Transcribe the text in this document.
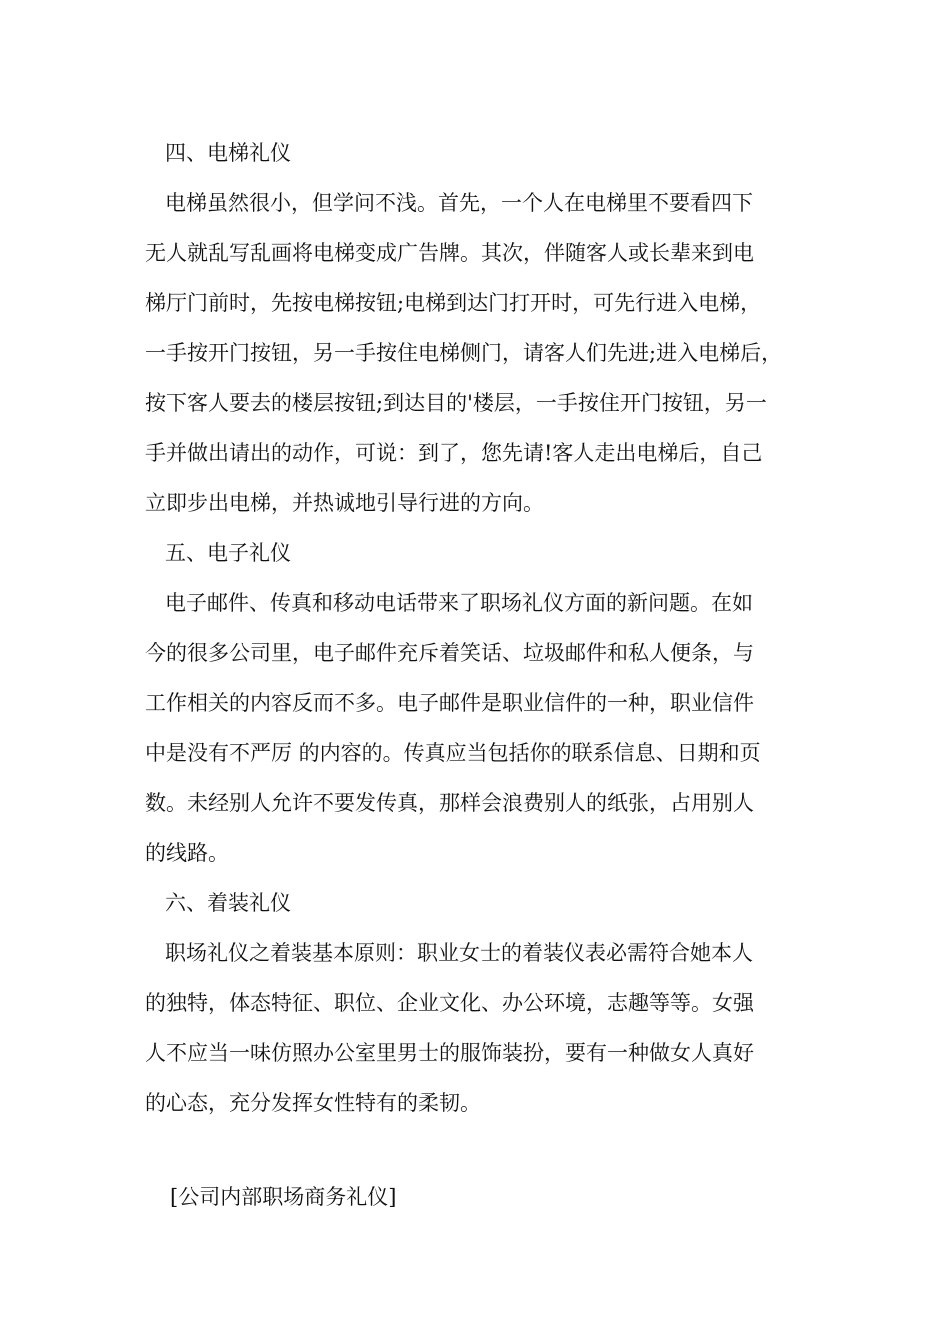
四、电梯礼仪
电梯虽然很小，但学问不浅。首先，一个人在电梯里不要看四下
无人就乱写乱画将电梯变成广告牌。其次，伴随客人或长辈来到电
梯厅门前时，先按电梯按钮;电梯到达门打开时，可先行进入电梯，
一手按开门按钮，另一手按住电梯侧门，请客人们先进;进入电梯后，
按下客人要去的楼层按钮;到达目的'楼层，一手按住开门按钮，另一
手并做出请出的动作，可说：到了，您先请!客人走出电梯后，自己
立即步出电梯，并热诚地引导行进的方向。
五、电子礼仪
电子邮件、传真和移动电话带来了职场礼仪方面的新问题。在如
今的很多公司里，电子邮件充斥着笑话、垃圾邮件和私人便条，与
工作相关的内容反而不多。电子邮件是职业信件的一种，职业信件
中是没有不严厉 的内容的。传真应当包括你的联系信息、日期和页
数。未经别人允许不要发传真，那样会浪费别人的纸张，占用别人
的线路。
六、着装礼仪
职场礼仪之着装基本原则：职业女士的着装仪表必需符合她本人
的独特，体态特征、职位、企业文化、办公环境，志趣等等。女强
人不应当一味仿照办公室里男士的服饰装扮，要有一种做女人真好
的心态，充分发挥女性特有的柔韧。
[公司内部职场商务礼仪]
